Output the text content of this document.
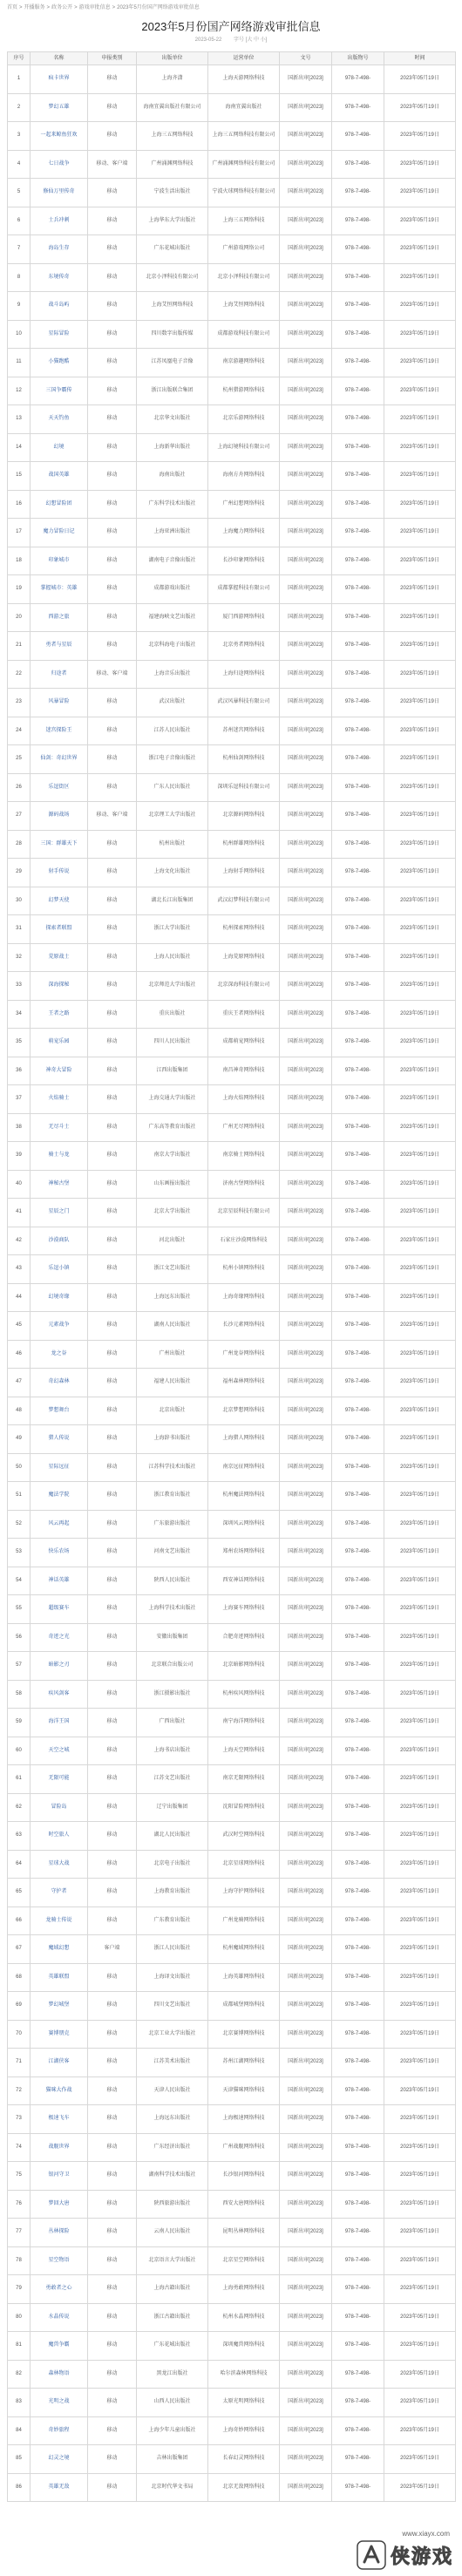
首页 > 开播服务 > 政务公开 > 游戏审批信息 > 2023年5月份国产网络游戏审批信息
2023年5月份国产网络游戏审批信息
2023-05-22 字号 [大 中 小]
序号	名称	申报类别	出版单位	运营单位	文号	出版物号	时间
1	疯卡世界	移动	上海齐潇	上海天游网络科技	国新出审[2023]	978-7-498-	2023年05月19日
2	梦幻五雄	移动	海南宜翼出版社有限公司	海南宜翼出版社	国新出审[2023]	978-7-498-	2023年05月19日
3	一起来鲸鱼狂欢	移动	上海三五网络科技	上海三五网络科技有限公司	国新出审[2023]	978-7-498-	2023年05月19日
4	七日战争	移动、客户端	广州涌渊网络科技	广州涌渊网络科技有限公司	国新出审[2023]	978-7-498-	2023年05月19日
5	修仙万里传奇	移动	宁波生活出版社	宁波火球网络科技有限公司	国新出审[2023]	978-7-498-	2023年05月19日
6	士兵冲刺	移动	上海华东大学出版社	上海三五网络科技	国新出审[2023]	978-7-498-	2023年05月19日
7	海岛生存	移动	广东花城出版社	广州游戏网络公司	国新出审[2023]	978-7-498-	2023年05月19日
8	东境传奇	移动	北京小泽科技有限公司	北京小泽科技有限公司	国新出审[2023]	978-7-498-	2023年05月19日
9	战斗岛屿	移动	上海艾恒网络科技	上海艾恒网络科技	国新出审[2023]	978-7-498-	2023年05月19日
10	星际冒险	移动	四川数字出版传媒	成都游戏科技有限公司	国新出审[2023]	978-7-498-	2023年05月19日
11	小猫跑酷	移动	江苏凤凰电子音像	南京游趣网络科技	国新出审[2023]	978-7-498-	2023年05月19日
12	三国争霸传	移动	浙江出版联合集团	杭州猎游网络科技	国新出审[2023]	978-7-498-	2023年05月19日
13	天天钓鱼	移动	北京华文出版社	北京乐游网络科技	国新出审[2023]	978-7-498-	2023年05月19日
14	幻境	移动	上海新华出版社	上海幻境科技有限公司	国新出审[2023]	978-7-498-	2023年05月19日
15	战国英雄	移动	海南出版社	海南方舟网络科技	国新出审[2023]	978-7-498-	2023年05月19日
16	幻想冒险团	移动	广东科学技术出版社	广州幻想网络科技	国新出审[2023]	978-7-498-	2023年05月19日
17	魔力冒险日记	移动	上海亚洲出版社	上海魔力网络科技	国新出审[2023]	978-7-498-	2023年05月19日
18	印象城市	移动	湖南电子音像出版社	长沙印象网络科技	国新出审[2023]	978-7-498-	2023年05月19日
19	掌握城市：英雄	移动	成都游戏出版社	成都掌握科技有限公司	国新出审[2023]	978-7-498-	2023年05月19日
20	西游之旅	移动	福建海峡文艺出版社	厦门西游网络科技	国新出审[2023]	978-7-498-	2023年05月19日
21	勇者与星辰	移动	北京科海电子出版社	北京勇者网络科技	国新出审[2023]	978-7-498-	2023年05月19日
22	归途者	移动、客户端	上海音乐出版社	上海归途网络科技	国新出审[2023]	978-7-498-	2023年05月19日
23	风暴冒险	移动	武汉出版社	武汉风暴科技有限公司	国新出审[2023]	978-7-498-	2023年05月19日
24	迷宫探险王	移动	江苏人民出版社	苏州迷宫网络科技	国新出审[2023]	978-7-498-	2023年05月19日
25	仙剑：奇幻世界	移动	浙江电子音像出版社	杭州仙剑网络科技	国新出审[2023]	978-7-498-	2023年05月19日
26	乐逗街区	移动	广东人民出版社	深圳乐逗科技有限公司	国新出审[2023]	978-7-498-	2023年05月19日
27	源码战场	移动、客户端	北京理工大学出版社	北京源码网络科技	国新出审[2023]	978-7-498-	2023年05月19日
28	三国：群雄天下	移动	杭州出版社	杭州群雄网络科技	国新出审[2023]	978-7-498-	2023年05月19日
29	射手传说	移动	上海文化出版社	上海射手网络科技	国新出审[2023]	978-7-498-	2023年05月19日
30	幻梦天使	移动	湖北长江出版集团	武汉幻梦科技有限公司	国新出审[2023]	978-7-498-	2023年05月19日
31	探索者联盟	移动	浙江大学出版社	杭州探索网络科技	国新出审[2023]	978-7-498-	2023年05月19日
32	荒原战士	移动	上海人民出版社	上海荒原网络科技	国新出审[2023]	978-7-498-	2023年05月19日
33	深海探秘	移动	北京师范大学出版社	北京深海科技有限公司	国新出审[2023]	978-7-498-	2023年05月19日
34	王者之路	移动	重庆出版社	重庆王者网络科技	国新出审[2023]	978-7-498-	2023年05月19日
35	萌宠乐园	移动	四川人民出版社	成都萌宠网络科技	国新出审[2023]	978-7-498-	2023年05月19日
36	神奇大冒险	移动	江西出版集团	南昌神奇网络科技	国新出审[2023]	978-7-498-	2023年05月19日
37	火焰骑士	移动	上海交通大学出版社	上海火焰网络科技	国新出审[2023]	978-7-498-	2023年05月19日
38	无尽斗士	移动	广东高等教育出版社	广州无尽网络科技	国新出审[2023]	978-7-498-	2023年05月19日
39	骑士与龙	移动	南京大学出版社	南京骑士网络科技	国新出审[2023]	978-7-498-	2023年05月19日
40	神秘古堡	移动	山东画报出版社	济南古堡网络科技	国新出审[2023]	978-7-498-	2023年05月19日
41	星辰之门	移动	北京大学出版社	北京星辰科技有限公司	国新出审[2023]	978-7-498-	2023年05月19日
42	沙漠商队	移动	河北出版社	石家庄沙漠网络科技	国新出审[2023]	978-7-498-	2023年05月19日
43	乐逗小镇	移动	浙江文艺出版社	杭州小镇网络科技	国新出审[2023]	978-7-498-	2023年05月19日
44	幻境奇缘	移动	上海远东出版社	上海奇缘网络科技	国新出审[2023]	978-7-498-	2023年05月19日
45	元素战争	移动	湖南人民出版社	长沙元素网络科技	国新出审[2023]	978-7-498-	2023年05月19日
46	龙之谷	移动	广州出版社	广州龙谷网络科技	国新出审[2023]	978-7-498-	2023年05月19日
47	奇幻森林	移动	福建人民出版社	福州森林网络科技	国新出审[2023]	978-7-498-	2023年05月19日
48	梦想舞台	移动	北京出版社	北京梦想网络科技	国新出审[2023]	978-7-498-	2023年05月19日
49	猎人传说	移动	上海辞书出版社	上海猎人网络科技	国新出审[2023]	978-7-498-	2023年05月19日
50	星际远征	移动	江苏科学技术出版社	南京远征网络科技	国新出审[2023]	978-7-498-	2023年05月19日
51	魔法学院	移动	浙江教育出版社	杭州魔法网络科技	国新出审[2023]	978-7-498-	2023年05月19日
52	风云再起	移动	广东旅游出版社	深圳风云网络科技	国新出审[2023]	978-7-498-	2023年05月19日
53	快乐农场	移动	河南文艺出版社	郑州农场网络科技	国新出审[2023]	978-7-498-	2023年05月19日
54	神话英雄	移动	陕西人民出版社	西安神话网络科技	国新出审[2023]	978-7-498-	2023年05月19日
55	超级赛车	移动	上海科学技术出版社	上海赛车网络科技	国新出审[2023]	978-7-498-	2023年05月19日
56	奇迹之光	移动	安徽出版集团	合肥奇迹网络科技	国新出审[2023]	978-7-498-	2023年05月19日
57	暗影之刃	移动	北京联合出版公司	北京暗影网络科技	国新出审[2023]	978-7-498-	2023年05月19日
58	疾风剑客	移动	浙江摄影出版社	杭州疾风网络科技	国新出审[2023]	978-7-498-	2023年05月19日
59	海洋王国	移动	广西出版社	南宁海洋网络科技	国新出审[2023]	978-7-498-	2023年05月19日
60	天空之城	移动	上海书店出版社	上海天空网络科技	国新出审[2023]	978-7-498-	2023年05月19日
61	无限可能	移动	江苏文艺出版社	南京无限网络科技	国新出审[2023]	978-7-498-	2023年05月19日
62	冒险岛	移动	辽宁出版集团	沈阳冒险网络科技	国新出审[2023]	978-7-498-	2023年05月19日
63	时空旅人	移动	湖北人民出版社	武汉时空网络科技	国新出审[2023]	978-7-498-	2023年05月19日
64	星球大战	移动	北京电子出版社	北京星球网络科技	国新出审[2023]	978-7-498-	2023年05月19日
65	守护者	移动	上海教育出版社	上海守护网络科技	国新出审[2023]	978-7-498-	2023年05月19日
66	龙骑士传说	移动	广东教育出版社	广州龙骑网络科技	国新出审[2023]	978-7-498-	2023年05月19日
67	魔域幻想	客户端	浙江人民出版社	杭州魔域网络科技	国新出审[2023]	978-7-498-	2023年05月19日
68	英雄联盟	移动	上海译文出版社	上海英雄网络科技	国新出审[2023]	978-7-498-	2023年05月19日
69	梦幻城堡	移动	四川文艺出版社	成都城堡网络科技	国新出审[2023]	978-7-498-	2023年05月19日
70	赛博朋克	移动	北京工业大学出版社	北京赛博网络科技	国新出审[2023]	978-7-498-	2023年05月19日
71	江湖侠客	移动	江苏美术出版社	苏州江湖网络科技	国新出审[2023]	978-7-498-	2023年05月19日
72	猫咪大作战	移动	天津人民出版社	天津猫咪网络科技	国新出审[2023]	978-7-498-	2023年05月19日
73	极速飞车	移动	上海远东出版社	上海极速网络科技	国新出审[2023]	978-7-498-	2023年05月19日
74	战舰世界	移动	广东经济出版社	广州战舰网络科技	国新出审[2023]	978-7-498-	2023年05月19日
75	银河守卫	移动	湖南科学技术出版社	长沙银河网络科技	国新出审[2023]	978-7-498-	2023年05月19日
76	梦回大唐	移动	陕西旅游出版社	西安大唐网络科技	国新出审[2023]	978-7-498-	2023年05月19日
77	丛林探险	移动	云南人民出版社	昆明丛林网络科技	国新出审[2023]	978-7-498-	2023年05月19日
78	星空物语	移动	北京语言大学出版社	北京星空网络科技	国新出审[2023]	978-7-498-	2023年05月19日
79	勇敢者之心	移动	上海古籍出版社	上海勇敢网络科技	国新出审[2023]	978-7-498-	2023年05月19日
80	水晶传说	移动	浙江古籍出版社	杭州水晶网络科技	国新出审[2023]	978-7-498-	2023年05月19日
81	魔兽争霸	移动	广东花城出版社	深圳魔兽网络科技	国新出审[2023]	978-7-498-	2023年05月19日
82	森林物语	移动	黑龙江出版社	哈尔滨森林网络科技	国新出审[2023]	978-7-498-	2023年05月19日
83	光明之战	移动	山西人民出版社	太原光明网络科技	国新出审[2023]	978-7-498-	2023年05月19日
84	奇妙旅程	移动	上海少年儿童出版社	上海奇妙网络科技	国新出审[2023]	978-7-498-	2023年05月19日
85	幻灵之境	移动	吉林出版集团	长春幻灵网络科技	国新出审[2023]	978-7-498-	2023年05月19日
86	英雄无敌	移动	北京时代华文书局	北京无敌网络科技	国新出审[2023]	978-7-498-	2023年05月19日
www.xiayx.com
侠游戏
